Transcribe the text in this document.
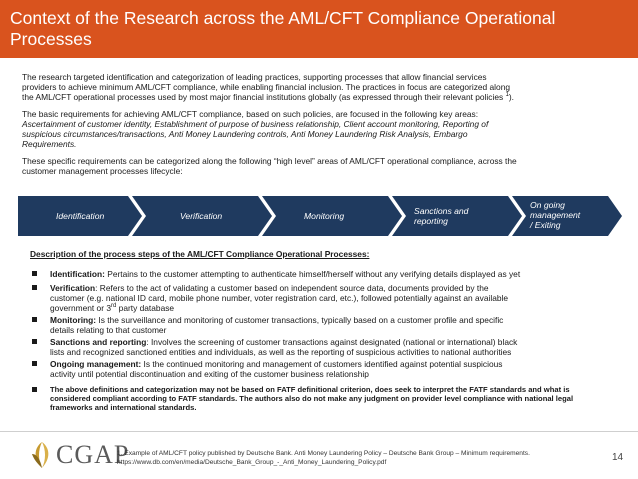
Context of the Research across the AML/CFT Compliance Operational
Processes

The research targeted identification and categorization of leading practices, supporting processes that allow financial services
providers to achieve minimum AML/CFT compliance, while enabling financial inclusion. The practices in focus are categorized along
the AML/CFT operational processes used by most major financial institutions globally (as expressed through their relevant policies $^1$).

The basic requirements for achieving AML/CFT compliance, based on such policies, are focused in the following key areas:
Ascertainment of customer identity, Establishment of purpose of business relationship, Client account monitoring, Reporting of
suspicious circumstances/transactions, Anti Money Laundering controls, Anti Money Laundering Risk Analysis, Embargo
Requirements.

These specific requirements can be categorized along the following “high level” areas of AML/CFT operational compliance, across the
customer management processes lifecycle:

Identification	Verification	Monitoring	Sanctions and
reporting
On going
management
/ Exiting
Description of the process steps of the AML/CFT Compliance Operational Processes:
Identification: Pertains to the customer attempting to authenticate himself/herself without any verifying details displayed as yet
Verification: Refers to the act of validating a customer based on independent source data, documents provided by the
customer (e.g. national ID card, mobile phone number, voter registration card, etc.), followed potentially against an available
government or 3rd party database
Monitoring: Is the surveillance and monitoring of customer transactions, typically based on a customer profile and specific
details relating to that customer
Sanctions and reporting: Involves the screening of customer transactions against designated (national or international) black
lists and recognized sanctioned entities and individuals, as well as the reporting of suspicious activities to national authorities
Ongoing management: Is the continued monitoring and management of customers identified against potential suspicious
activity until potential discontinuation and exiting of the customer business relationship
The above definitions and categorization may not be based on FATF definitional criterion, does seek to interpret the FATF standards and what is
considered compliant according to FATF standards. The authors also do not make any judgment on provider level compliance with national legal
frameworks and international standards.
CGAP
1. Example of AML/CFT policy published by Deutsche Bank. Anti Money Laundering Policy – Deutsche Bank Group – Minimum requirements.
https://www.db.com/en/media/Deutsche_Bank_Group_-_Anti_Money_Laundering_Policy.pdf	14
